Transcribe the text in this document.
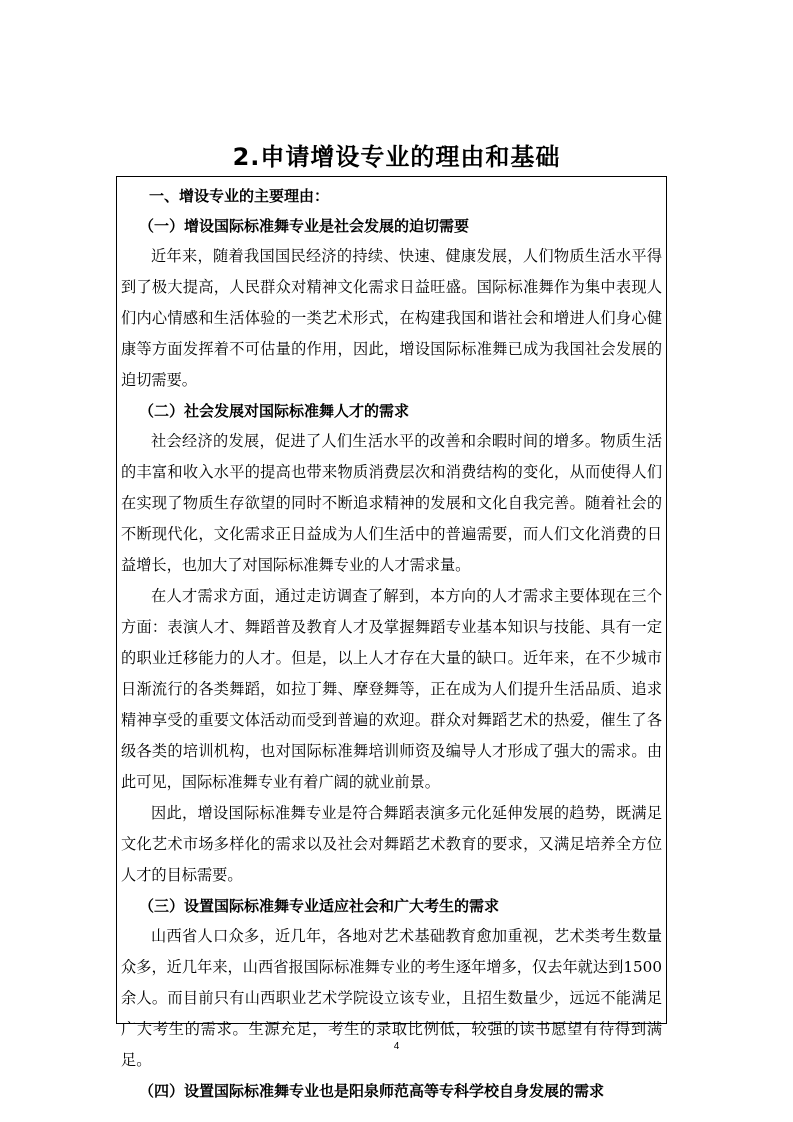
2.申请增设专业的理由和基础
一、增设专业的主要理由：
（一）增设国际标准舞专业是社会发展的迫切需要

近年来，随着我国国民经济的持续、快速、健康发展，人们物质生活水平得到了极大提高，人民群众对精神文化需求日益旺盛。国际标准舞作为集中表现人们内心情感和生活体验的一类艺术形式，在构建我国和谐社会和增进人们身心健康等方面发挥着不可估量的作用，因此，增设国际标准舞已成为我国社会发展的迫切需要。

（二）社会发展对国际标准舞人才的需求

社会经济的发展，促进了人们生活水平的改善和余暇时间的增多。物质生活的丰富和收入水平的提高也带来物质消费层次和消费结构的变化，从而使得人们在实现了物质生存欲望的同时不断追求精神的发展和文化自我完善。随着社会的不断现代化，文化需求正日益成为人们生活中的普遍需要，而人们文化消费的日益增长，也加大了对国际标准舞专业的人才需求量。

在人才需求方面，通过走访调查了解到，本方向的人才需求主要体现在三个方面：表演人才、舞蹈普及教育人才及掌握舞蹈专业基本知识与技能、具有一定的职业迁移能力的人才。但是，以上人才存在大量的缺口。近年来，在不少城市日渐流行的各类舞蹈，如拉丁舞、摩登舞等，正在成为人们提升生活品质、追求精神享受的重要文体活动而受到普遍的欢迎。群众对舞蹈艺术的热爱，催生了各级各类的培训机构，也对国际标准舞培训师资及编导人才形成了强大的需求。由此可见，国际标准舞专业有着广阔的就业前景。

因此，增设国际标准舞专业是符合舞蹈表演多元化延伸发展的趋势，既满足文化艺术市场多样化的需求以及社会对舞蹈艺术教育的要求，又满足培养全方位人才的目标需要。

（三）设置国际标准舞专业适应社会和广大考生的需求

山西省人口众多，近几年，各地对艺术基础教育愈加重视，艺术类考生数量众多，近几年来，山西省报国际标准舞专业的考生逐年增多，仅去年就达到1500余人。而目前只有山西职业艺术学院设立该专业，且招生数量少，远远不能满足广大考生的需求。生源充足，考生的录取比例低，较强的读书愿望有待得到满足。

（四）设置国际标准舞专业也是阳泉师范高等专科学校自身发展的需求
4
